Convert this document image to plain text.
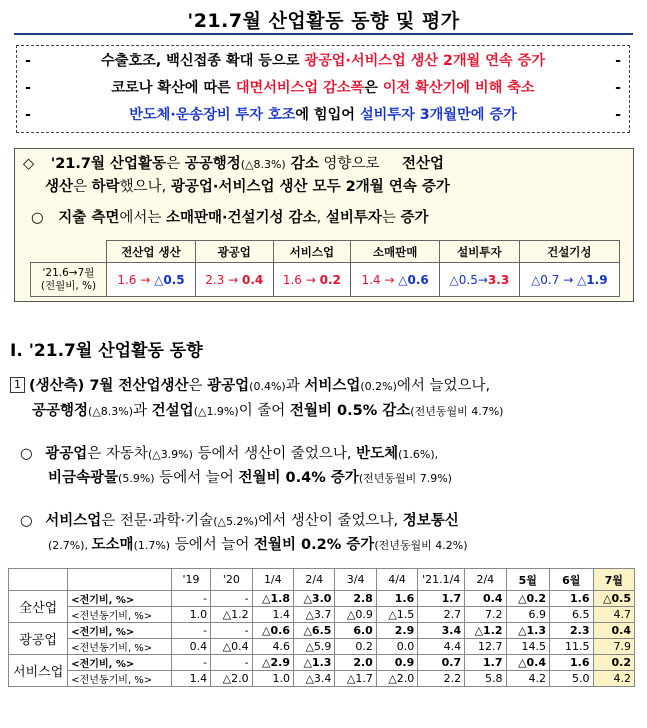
'21.7월 산업활동 동향 및 평가
-	수출호조, 백신접종 확대 등으로 광공업·서비스업 생산 2개월 연속 증가	-
-	코로나 확산에 따른 대면서비스업 감소폭은 이전 확산기에 비해 축소	-
-	반도체·운송장비 투자 호조에 힘입어 설비투자 3개월만에 증가	-
◇ '21.7월 산업활동은 공공행정(△8.3%) 감소 영향으로 전산업
생산은 하락했으나, 광공업·서비스업 생산 모두 2개월 연속 증가
○ 지출 측면에서는 소매판매·건설기성 감소, 설비투자는 증가
	전산업 생산	광공업	서비스업	소매판매	설비투자	건설기성

'21.6→7월
(전월비, %)	1.6 → △0.5	2.3 → 0.4	1.6 → 0.2	1.4 → △0.6	△0.5→3.3	△0.7 → △1.9
Ⅰ. '21.7월 산업활동 동향
1 (생산측) 7월 전산업생산은 광공업(0.4%)과 서비스업(0.2%)에서 늘었으나,
공공행정(△8.3%)과 건설업(△1.9%)이 줄어 전월비 0.5% 감소(전년동월비 4.7%)
○ 광공업은 자동차(△3.9%) 등에서 생산이 줄었으나, 반도체(1.6%),
비금속광물(5.9%) 등에서 늘어 전월비 0.4% 증가(전년동월비 7.9%)
○ 서비스업은 전문·과학·기술(△5.2%)에서 생산이 줄었으나, 정보통신
(2.7%), 도소매(1.7%) 등에서 늘어 전월비 0.2% 증가(전년동월비 4.2%)
		'19	'20	1/4	2/4	3/4	4/4	'21.1/4	2/4	5월	6월	7월
全산업	<전기비, %>	-	-	△1.8	△3.0	2.8	1.6	1.7	0.4	△0.2	1.6	△0.5
	<전년동기비, %>	1.0	△1.2	1.4	△3.7	△0.9	△1.5	2.7	7.2	6.9	6.5	4.7
광공업	<전기비, %>	-	-	△0.6	△6.5	6.0	2.9	3.4	△1.2	△1.3	2.3	0.4
	<전년동기비, %>	0.4	△0.4	4.6	△5.9	0.2	0.0	4.4	12.7	14.5	11.5	7.9
서비스업	<전기비, %>	-	-	△2.9	△1.3	2.0	0.9	0.7	1.7	△0.4	1.6	0.2
	<전년동기비, %>	1.4	△2.0	1.0	△3.4	△1.7	△2.0	2.2	5.8	4.2	5.0	4.2
